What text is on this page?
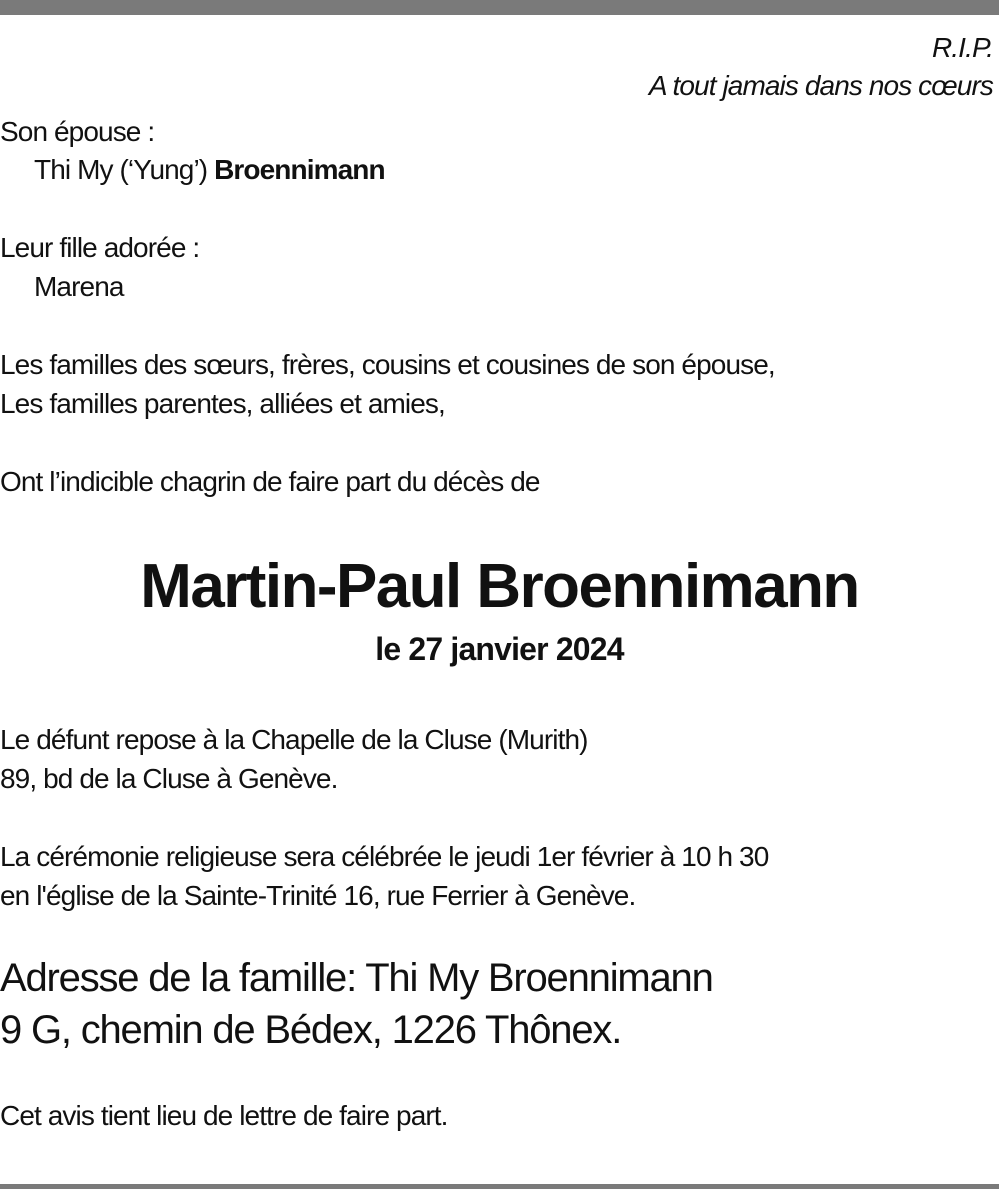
R.I.P.
A tout jamais dans nos cœurs
Son épouse :
Thi My (‘Yung’) Broennimann
Leur fille adorée :
Marena
Les familles des sœurs, frères, cousins et cousines de son épouse,
Les familles parentes, alliées et amies,
Ont l’indicible chagrin de faire part du décès de
Martin-Paul Broennimann
le 27 janvier 2024
Le défunt repose à la Chapelle de la Cluse (Murith)
89, bd de la Cluse à Genève.
La cérémonie religieuse sera célébrée le jeudi 1er février à 10 h 30
en l'église de la Sainte-Trinité 16, rue Ferrier à Genève.
Adresse de la famille: Thi My Broennimann
9 G, chemin de Bédex, 1226 Thônex.
Cet avis tient lieu de lettre de faire part.
